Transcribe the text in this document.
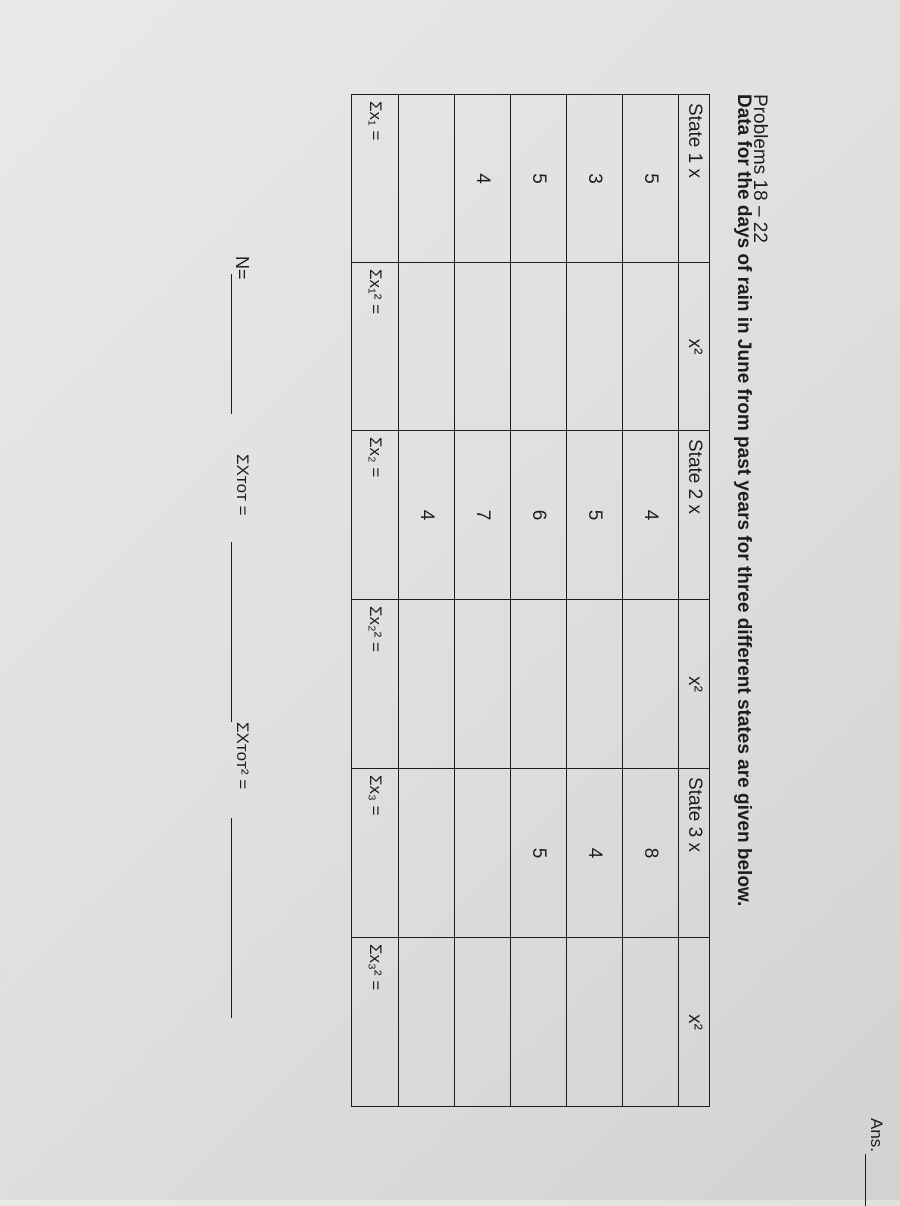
Ans.
Problems 18 – 22
Data for the days of rain in June from past years for three different states are given below.
State 1 x	x²	State 2 x	x²	State 3 x	x²
5		4		8	
3		5		4	
5		6		5	
4		7			
		4			
Σx₁ =	Σx₁² =	Σx₂ =	Σx₂² =	Σx₃ =	Σx₃² =
N=
ΣXᴛᴏᴛ =
ΣXᴛᴏᴛ² =
